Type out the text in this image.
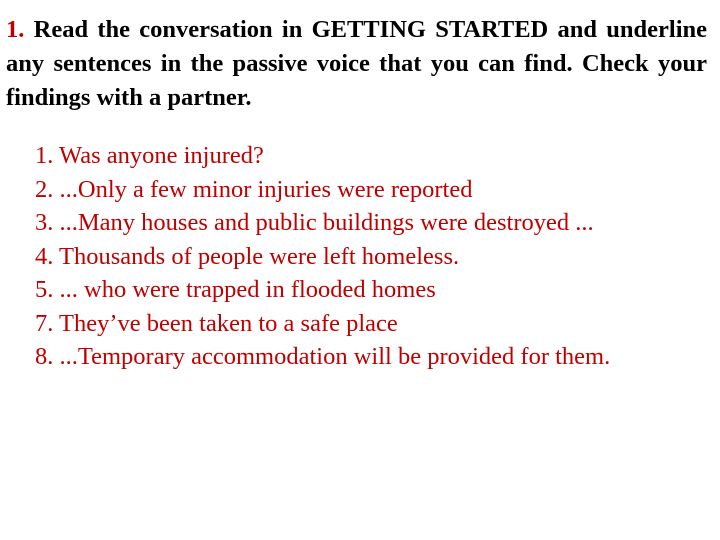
1. Read the conversation in GETTING STARTED and underline any sentences in the passive voice that you can find. Check your findings with a partner.

1. Was anyone injured?
2. ...Only a few minor injuries were reported
3. ...Many houses and public buildings were destroyed ...
4. Thousands of people were left homeless.
5. ... who were trapped in flooded homes
7. They’ve been taken to a safe place
8. ...Temporary accommodation will be provided for them.
